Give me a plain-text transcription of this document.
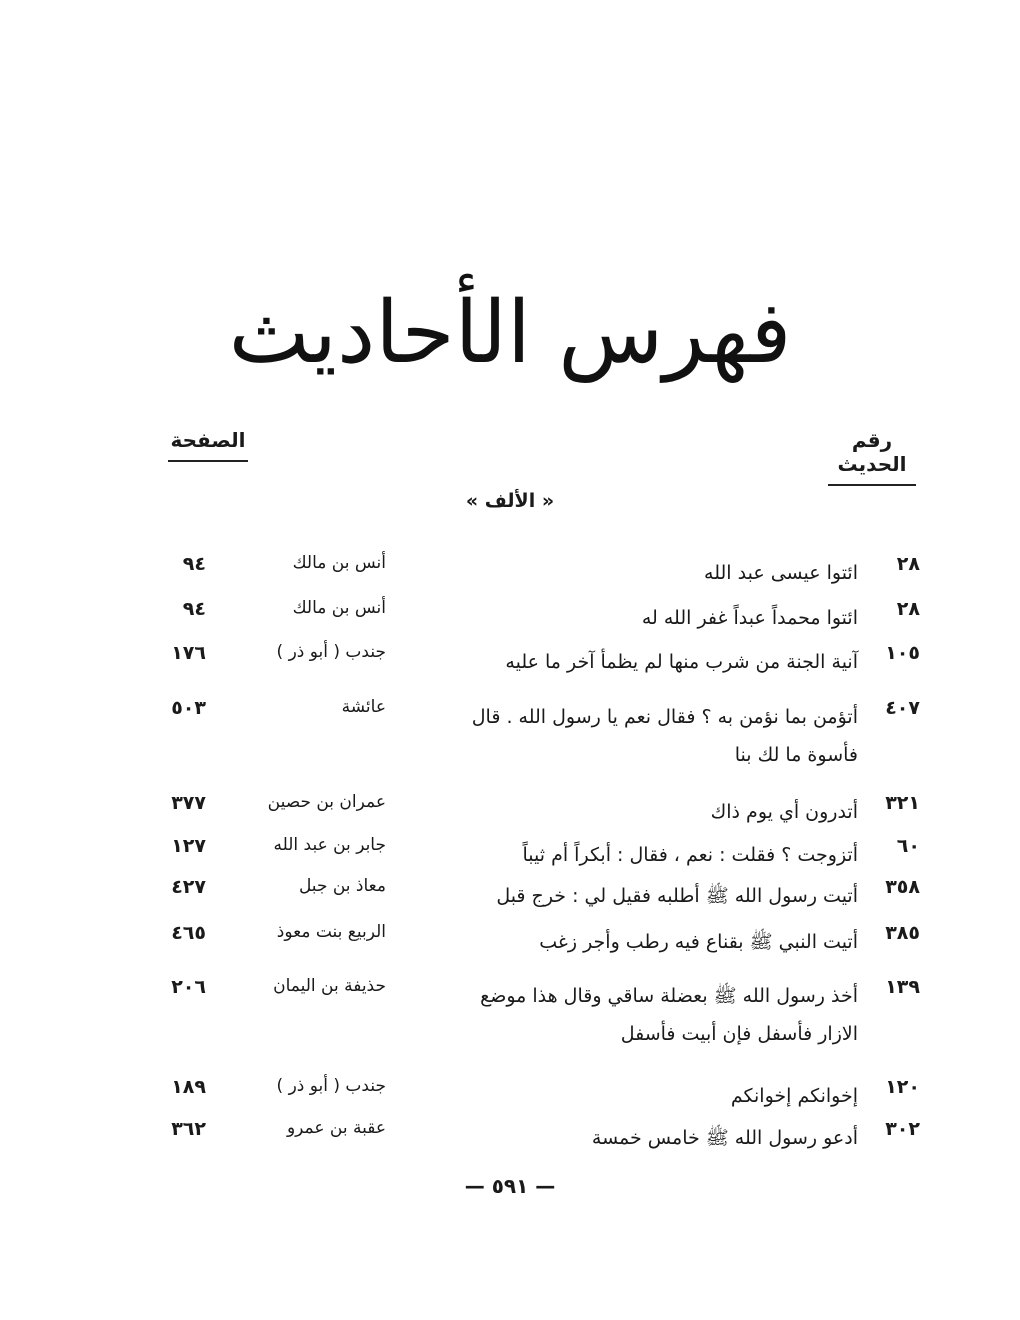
فهرس الأحاديث
رقم الحديث
الصفحة
« الألف »
٢٨
ائتوا عيسى عبد الله
أنس بن مالك
٩٤
٢٨
ائتوا محمداً عبداً غفر الله له
أنس بن مالك
٩٤
١٠٥
آنية الجنة من شرب منها لم يظمأ آخر ما عليه
جندب ( أبو ذر )
١٧٦
٤٠٧
أتؤمن بما نؤمن به ؟ فقال نعم يا رسول الله . قال
فأسوة ما لك بنا
عائشة
٥٠٣
٣٢١
أتدرون أي يوم ذاك
عمران بن حصين
٣٧٧
٦٠
أتزوجت ؟ فقلت : نعم ، فقال : أبكراً أم ثيباً
جابر بن عبد الله
١٢٧
٣٥٨
أتيت رسول الله ﷺ أطلبه فقيل لي : خرج قبل
معاذ بن جبل
٤٢٧
٣٨٥
أتيت النبي ﷺ بقناع فيه رطب وأجر زغب
الربيع بنت معوذ
٤٦٥
١٣٩
أخذ رسول الله ﷺ بعضلة ساقي وقال هذا موضع
الازار فأسفل فإن أبيت فأسفل
حذيفة بن اليمان
٢٠٦
١٢٠
إخوانكم إخوانكم
جندب ( أبو ذر )
١٨٩
٣٠٢
أدعو رسول الله ﷺ خامس خمسة
عقبة بن عمرو
٣٦٢
— ٥٩١ —
